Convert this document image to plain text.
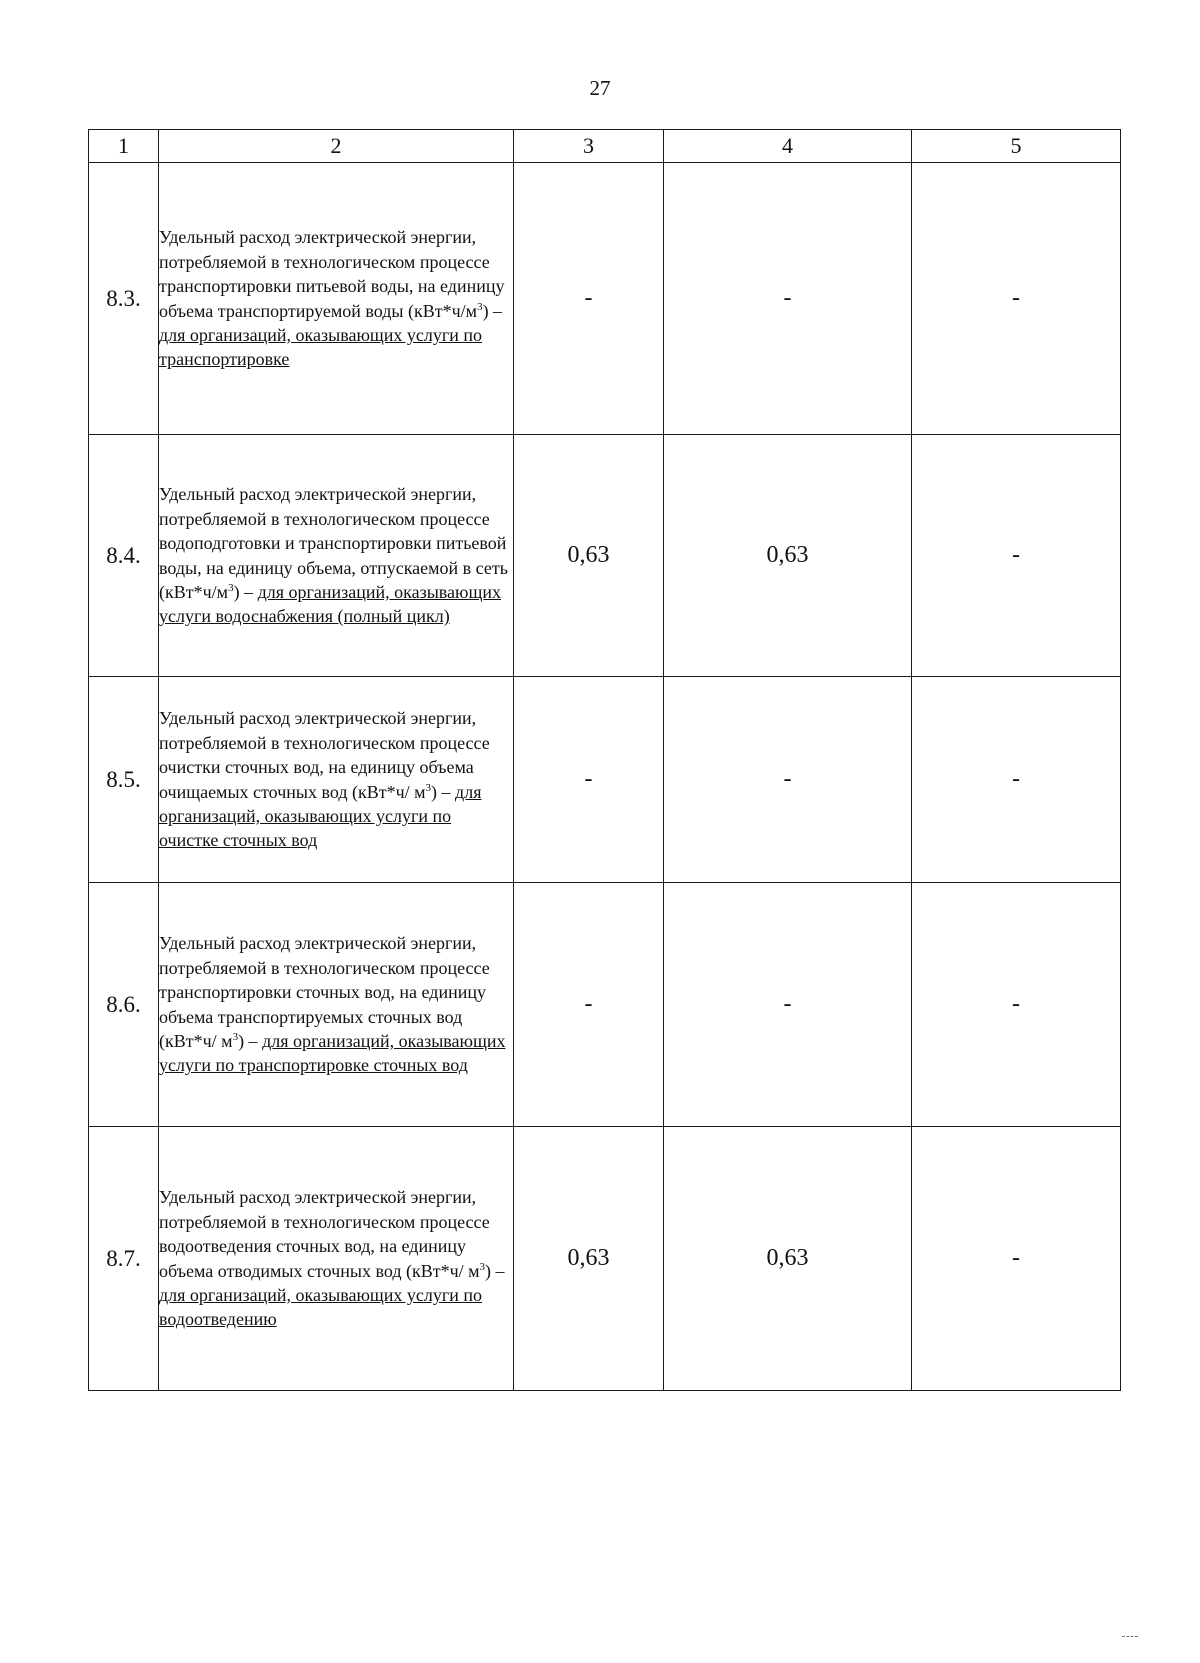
27
1	2	3	4	5
8.3.	Удельный расход электрической энергии, потребляемой в технологическом процессе транспортировки питьевой воды, на единицу объема транспортируемой воды $(кВт*ч/м^3)$ – для организаций, оказывающих услуги по транспортировке	-	-	-
8.4.	Удельный расход электрической энергии, потребляемой в технологическом процессе водоподготовки и транспортировки питьевой воды, на единицу объема, отпускаемой в сеть $(кВт*ч/м^3)$ – для организаций, оказывающих услуги водоснабжения (полный цикл)	0,63	0,63	-
8.5.	Удельный расход электрической энергии, потребляемой в технологическом процессе очистки сточных вод, на единицу объема очищаемых сточных вод (кВт*ч/ $м^3$) – для организаций, оказывающих услуги по очистке сточных вод	-	-	-
8.6.	Удельный расход электрической энергии, потребляемой в технологическом процессе транспортировки сточных вод, на единицу объема транспортируемых сточных вод (кВт*ч/ $м^3$) – для организаций, оказывающих услуги по транспортировке сточных вод	-	-	-
8.7.	Удельный расход электрической энергии, потребляемой в технологическом процессе водоотведения сточных вод, на единицу объема отводимых сточных вод (кВт*ч/ $м^3$) – для организаций, оказывающих услуги по водоотведению	0,63	0,63	-
